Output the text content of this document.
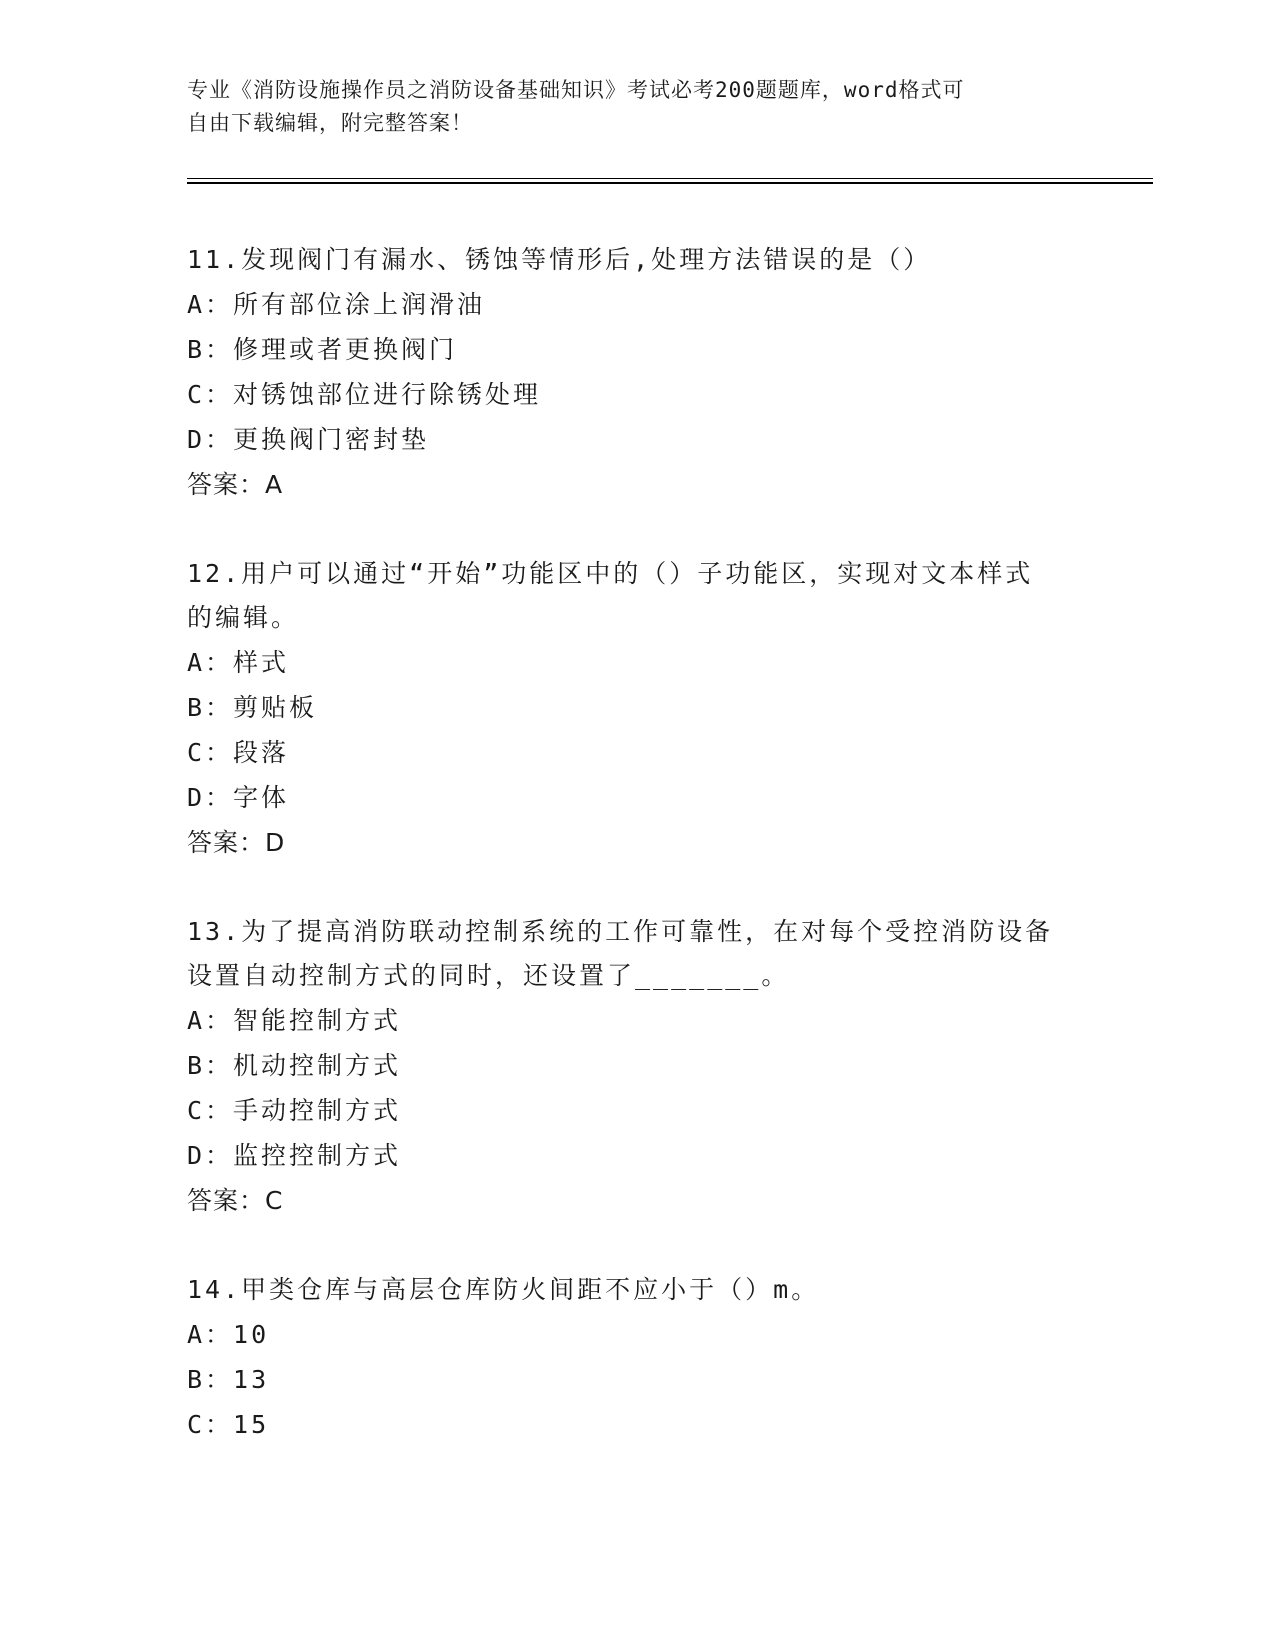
专业《消防设施操作员之消防设备基础知识》考试必考200题题库，word格式可
自由下载编辑，附完整答案！
11.发现阀门有漏水、锈蚀等情形后,处理方法错误的是（）
A：所有部位涂上润滑油
B：修理或者更换阀门
C：对锈蚀部位进行除锈处理
D：更换阀门密封垫
答案：A
12.用户可以通过“开始”功能区中的（）子功能区，实现对文本样式
的编辑。
A：样式
B：剪贴板
C：段落
D：字体
答案：D
13.为了提高消防联动控制系统的工作可靠性，在对每个受控消防设备
设置自动控制方式的同时，还设置了_______。
A：智能控制方式
B：机动控制方式
C：手动控制方式
D：监控控制方式
答案：C
14.甲类仓库与高层仓库防火间距不应小于（）m。
A：10
B：13
C：15
